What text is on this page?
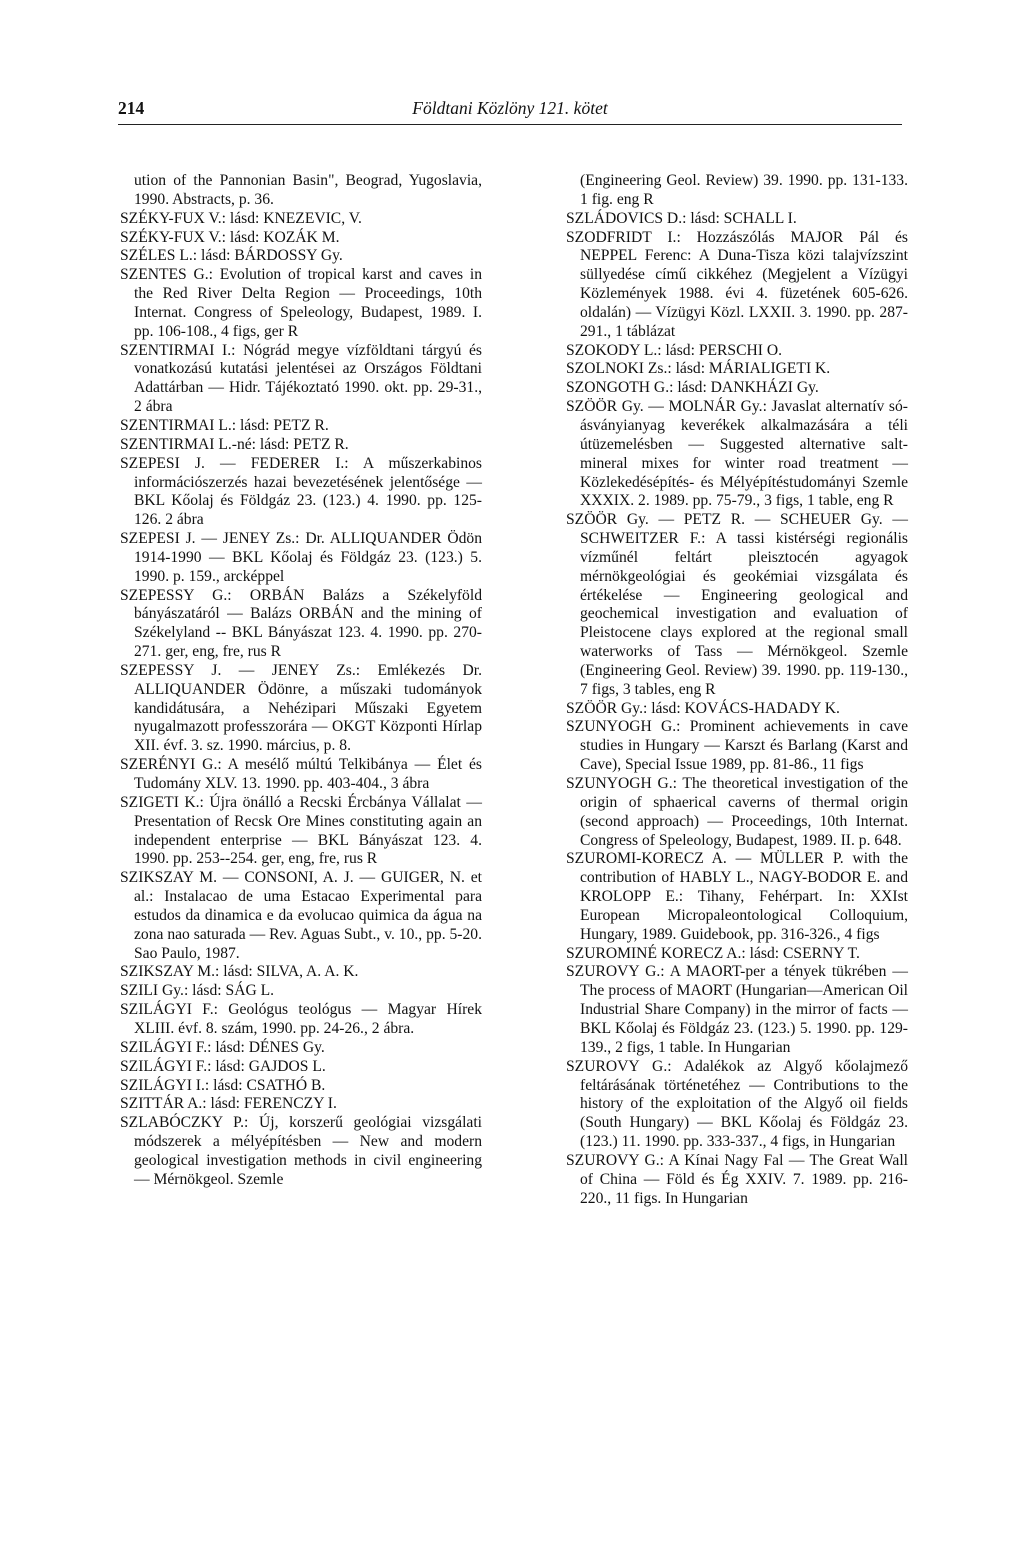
214	Földtani Közlöny 121. kötet

ution of the Pannonian Basin", Beograd, Yugoslavia, 1990. Abstracts, p. 36.

SZÉKY-FUX V.: lásd: KNEZEVIC, V.

SZÉKY-FUX V.: lásd: KOZÁK M.

SZÉLES L.: lásd: BÁRDOSSY Gy.

SZENTES G.: Evolution of tropical karst and caves in the Red River Delta Region — Proceedings, 10th Internat. Congress of Speleology, Budapest, 1989. I. pp. 106-108., 4 figs, ger R

SZENTIRMAI I.: Nógrád megye vízföldtani tárgyú és vonatkozású kutatási jelentései az Országos Földtani Adattárban — Hidr. Tájékoztató 1990. okt. pp. 29-31., 2 ábra

SZENTIRMAI L.: lásd: PETZ R.

SZENTIRMAI L.-né: lásd: PETZ R.

SZEPESI J. — FEDERER I.: A műszerkabinos információszerzés hazai bevezetésének jelentősége — BKL Kőolaj és Földgáz 23. (123.) 4. 1990. pp. 125-126. 2 ábra

SZEPESI J. — JENEY Zs.: Dr. ALLIQUANDER Ödön 1914-1990 — BKL Kőolaj és Földgáz 23. (123.) 5. 1990. p. 159., arcképpel

SZEPESSY G.: ORBÁN Balázs a Székelyföld bányászatáról — Balázs ORBÁN and the mining of Székelyland -- BKL Bányászat 123. 4. 1990. pp. 270-271. ger, eng, fre, rus R

SZEPESSY J. — JENEY Zs.: Emlékezés Dr. ALLIQUANDER Ödönre, a műszaki tudományok kandidátusára, a Nehézipari Műszaki Egyetem nyugalmazott professzorára — OKGT Központi Hírlap XII. évf. 3. sz. 1990. március, p. 8.

SZERÉNYI G.: A mesélő múltú Telkibánya — Élet és Tudomány XLV. 13. 1990. pp. 403-404., 3 ábra

SZIGETI K.: Újra önálló a Recski Ércbánya Vállalat — Presentation of Recsk Ore Mines constituting again an independent enterprise — BKL Bányászat 123. 4. 1990. pp. 253--254. ger, eng, fre, rus R

SZIKSZAY M. — CONSONI, A. J. — GUIGER, N. et al.: Instalacao de uma Estacao Experimental para estudos da dinamica e da evolucao quimica da água na zona nao saturada — Rev. Aguas Subt., v. 10., pp. 5-20. Sao Paulo, 1987.

SZIKSZAY M.: lásd: SILVA, A. A. K.

SZILI Gy.: lásd: SÁG L.

SZILÁGYI F.: Geológus teológus — Magyar Hírek XLIII. évf. 8. szám, 1990. pp. 24-26., 2 ábra.

SZILÁGYI F.: lásd: DÉNES Gy.

SZILÁGYI F.: lásd: GAJDOS L.

SZILÁGYI I.: lásd: CSATHÓ B.

SZITTÁR A.: lásd: FERENCZY I.

SZLABÓCZKY P.: Új, korszerű geológiai vizsgálati módszerek a mélyépítésben — New and modern geological investigation methods in civil engineering — Mérnökgeol. Szemle

(Engineering Geol. Review) 39. 1990. pp. 131-133. 1 fig. eng R

SZLÁDOVICS D.: lásd: SCHALL I.

SZODFRIDT I.: Hozzászólás MAJOR Pál és NEPPEL Ferenc: A Duna-Tisza közi talajvízszint süllyedése című cikkéhez (Megjelent a Vízügyi Közlemények 1988. évi 4. füzetének 605-626. oldalán) — Vízügyi Közl. LXXII. 3. 1990. pp. 287-291., 1 táblázat

SZOKODY L.: lásd: PERSCHI O.

SZOLNOKI Zs.: lásd: MÁRIALIGETI K.

SZONGOTH G.: lásd: DANKHÁZI Gy.

SZÖÖR Gy. — MOLNÁR Gy.: Javaslat alternatív só-ásványianyag keverékek alkalmazására a téli útüzemelésben — Suggested alternative salt-mineral mixes for winter road treatment — Közlekedésépítés- és Mélyépítéstudományi Szemle XXXIX. 2. 1989. pp. 75-79., 3 figs, 1 table, eng R

SZÖÖR Gy. — PETZ R. — SCHEUER Gy. — SCHWEITZER F.: A tassi kistérségi regionális vízműnél feltárt pleisztocén agyagok mérnökgeológiai és geokémiai vizsgálata és értékelése — Engineering geological and geochemical investigation and evaluation of Pleistocene clays explored at the regional small waterworks of Tass — Mérnökgeol. Szemle (Engineering Geol. Review) 39. 1990. pp. 119-130., 7 figs, 3 tables, eng R

SZÖÖR Gy.: lásd: KOVÁCS-HADADY K.

SZUNYOGH G.: Prominent achievements in cave studies in Hungary — Karszt és Barlang (Karst and Cave), Special Issue 1989, pp. 81-86., 11 figs

SZUNYOGH G.: The theoretical investigation of the origin of sphaerical caverns of thermal origin (second approach) — Proceedings, 10th Internat. Congress of Speleology, Budapest, 1989. II. p. 648.

SZUROMI-KORECZ A. — MÜLLER P. with the contribution of HABLY L., NAGY-BODOR E. and KROLOPP E.: Tihany, Fehérpart. In: XXIst European Micropaleontological Colloquium, Hungary, 1989. Guidebook, pp. 316-326., 4 figs

SZUROMINÉ KORECZ A.: lásd: CSERNY T.

SZUROVY G.: A MAORT-per a tények tükrében — The process of MAORT (Hungarian—American Oil Industrial Share Company) in the mirror of facts — BKL Kőolaj és Földgáz 23. (123.) 5. 1990. pp. 129-139., 2 figs, 1 table. In Hungarian

SZUROVY G.: Adalékok az Algyő kőolajmező feltárásának történetéhez — Contributions to the history of the exploitation of the Algyő oil fields (South Hungary) — BKL Kőolaj és Földgáz 23. (123.) 11. 1990. pp. 333-337., 4 figs, in Hungarian

SZUROVY G.: A Kínai Nagy Fal — The Great Wall of China — Föld és Ég XXIV. 7. 1989. pp. 216-220., 11 figs. In Hungarian
